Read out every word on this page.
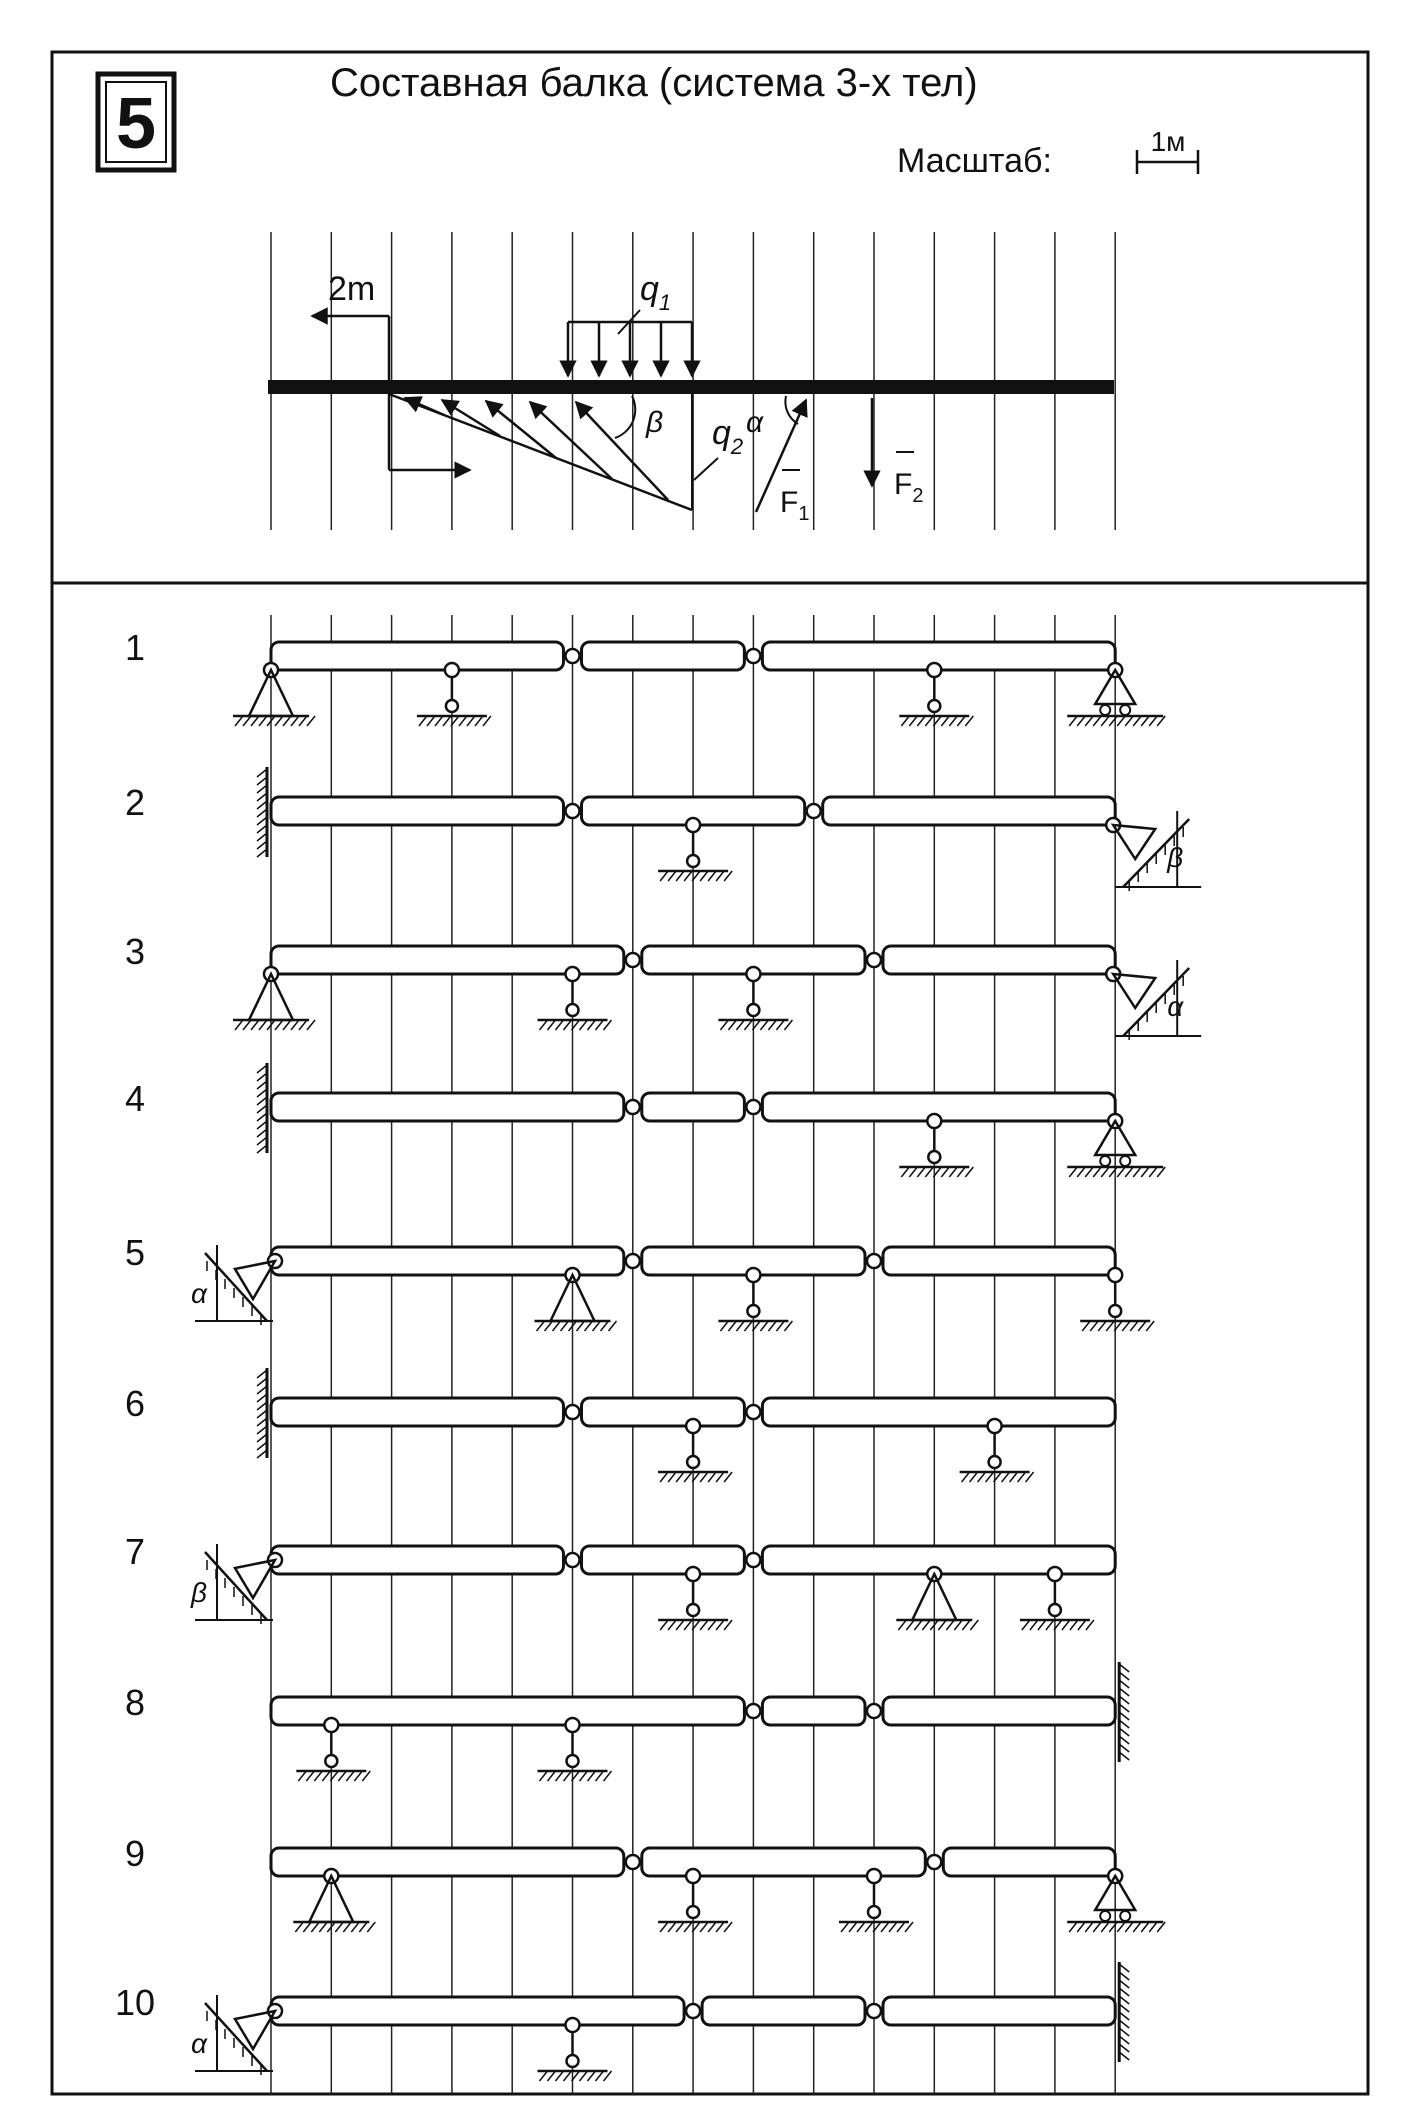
5
Составная балка (система 3-х тел)
Масштаб:
1м
2m	$q_1$
β $q_2$
α
$F_1$
$F_2$
1
2
β
3
α
4
5
α
6
7
β
8
9
10
α
